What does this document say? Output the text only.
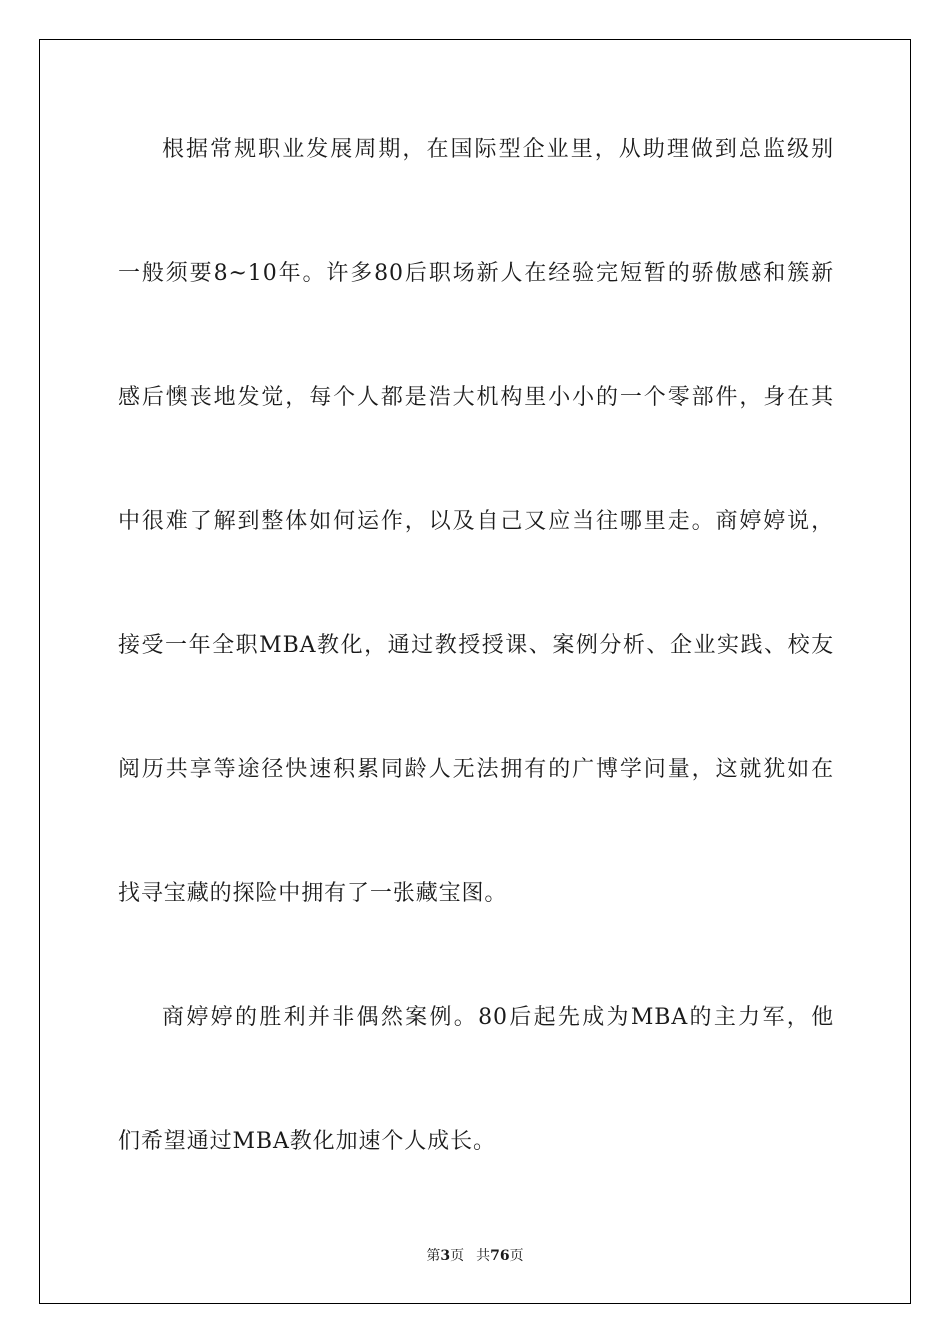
根据常规职业发展周期，在国际型企业里，从助理做到总监级别
一般须要8~10年。许多80后职场新人在经验完短暂的骄傲感和簇新
感后懊丧地发觉，每个人都是浩大机构里小小的一个零部件，身在其
中很难了解到整体如何运作，以及自己又应当往哪里走。商婷婷说，
接受一年全职MBA教化，通过教授授课、案例分析、企业实践、校友
阅历共享等途径快速积累同龄人无法拥有的广博学问量，这就犹如在
找寻宝藏的探险中拥有了一张藏宝图。
商婷婷的胜利并非偶然案例。80后起先成为MBA的主力军，他
们希望通过MBA教化加速个人成长。
第3页 共76页
